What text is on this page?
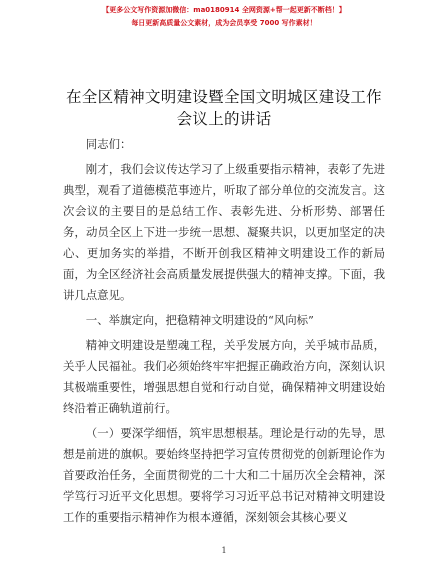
【更多公文写作资源加微信：ma0180914 全网资源+帮一起更新不断档！】
每日更新高质量公文素材，成为会员享受 7000 写作素材！
在全区精神文明建设暨全国文明城区建设工作
会议上的讲话

同志们：

刚才，我们会议传达学习了上级重要指示精神，表彰了先进典型，观看了道德模范事迹片，听取了部分单位的交流发言。这次会议的主要目的是总结工作、表彰先进、分析形势、部署任务，动员全区上下进一步统一思想、凝聚共识，以更加坚定的决心、更加务实的举措，不断开创我区精神文明建设工作的新局面，为全区经济社会高质量发展提供强大的精神支撑。下面，我讲几点意见。

一、举旗定向，把稳精神文明建设的“风向标”

精神文明建设是塑魂工程，关乎发展方向，关乎城市品质，关乎人民福祉。我们必须始终牢牢把握正确政治方向，深刻认识其极端重要性，增强思想自觉和行动自觉，确保精神文明建设始终沿着正确轨道前行。

（一）要深学细悟，筑牢思想根基。理论是行动的先导，思想是前进的旗帜。要始终坚持把学习宣传贯彻党的创新理论作为首要政治任务，全面贯彻党的二十大和二十届历次全会精神，深学笃行习近平文化思想。要将学习习近平总书记对精神文明建设工作的重要指示精神作为根本遵循，深刻领会其核心要义

1
